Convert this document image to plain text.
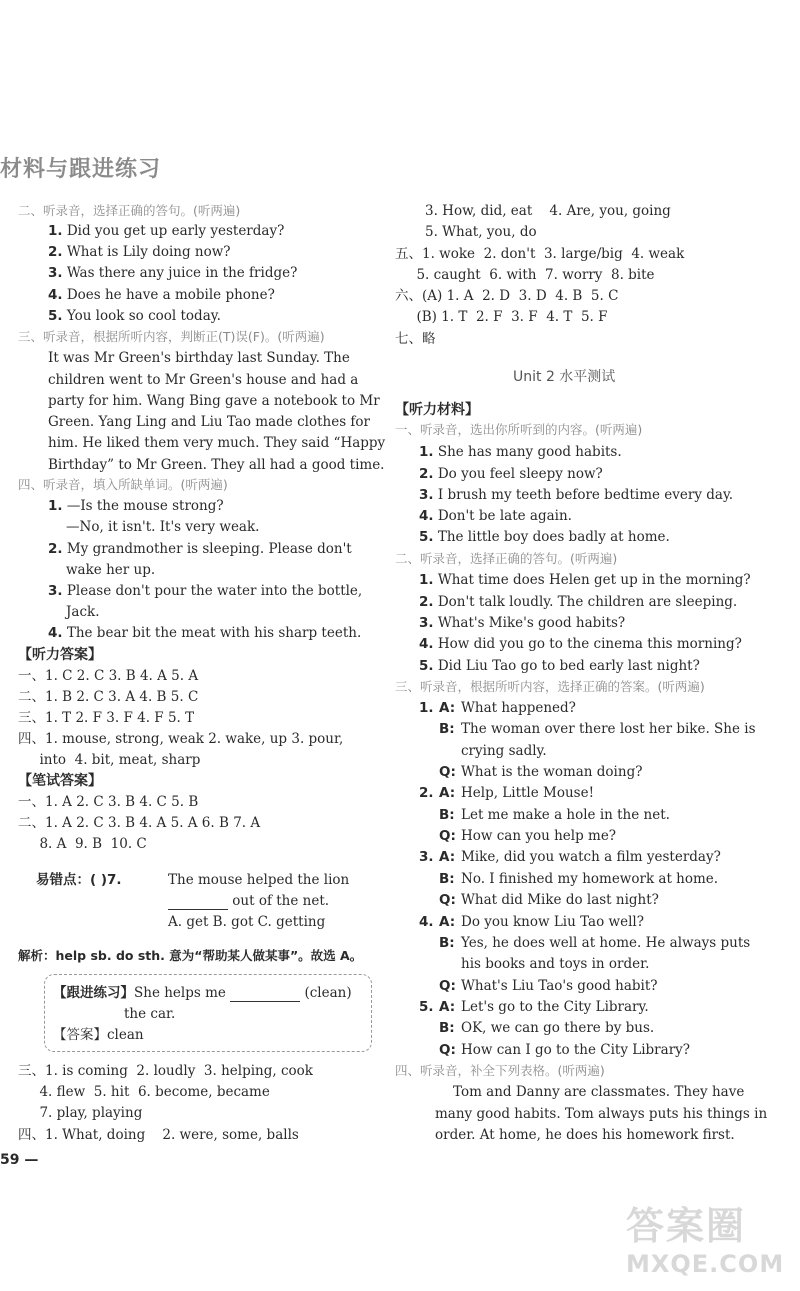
材料与跟进练习
二、听录音，选择正确的答句。(听两遍)
1. Did you get up early yesterday?
2. What is Lily doing now?
3. Was there any juice in the fridge?
4. Does he have a mobile phone?
5. You look so cool today.
三、听录音，根据所听内容，判断正(T)误(F)。(听两遍)
It was Mr Green's birthday last Sunday. The
children went to Mr Green's house and had a
party for him. Wang Bing gave a notebook to Mr
Green. Yang Ling and Liu Tao made clothes for
him. He liked them very much. They said “Happy
Birthday” to Mr Green. They all had a good time.
四、听录音，填入所缺单词。(听两遍)
1. —Is the mouse strong?
—No, it isn't. It's very weak.
2. My grandmother is sleeping. Please don't
wake her up.
3. Please don't pour the water into the bottle,
Jack.
4. The bear bit the meat with his sharp teeth.
【听力答案】
一、1. C 2. C 3. B 4. A 5. A
二、1. B 2. C 3. A 4. B 5. C
三、1. T 2. F 3. F 4. F 5. T
四、1. mouse, strong, weak 2. wake, up 3. pour,
into  4. bit, meat, sharp
【笔试答案】
一、1. A 2. C 3. B 4. C 5. B
二、1. A 2. C 3. B 4. A 5. A 6. B 7. A
8. A  9. B  10. C
易错点：( )7.	The mouse helped the lion
out of the net.
A. get B. got C. getting
解析：help sb. do sth. 意为“帮助某人做某事”。故选 A。
【跟进练习】She helps me	(clean)
the car.
【答案】clean
三、1. is coming  2. loudly  3. helping, cook
4. flew  5. hit  6. become, became
7. play, playing
四、1. What, doing    2. were, some, balls
59 —
3. How, did, eat    4. Are, you, going
5. What, you, do
五、1. woke  2. don't  3. large/big  4. weak
5. caught  6. with  7. worry  8. bite
六、(A) 1. A  2. D  3. D  4. B  5. C
(B) 1. T  2. F  3. F  4. T  5. F
七、略
Unit 2 水平测试
【听力材料】
一、听录音，选出你所听到的内容。(听两遍)
1. She has many good habits.
2. Do you feel sleepy now?
3. I brush my teeth before bedtime every day.
4. Don't be late again.
5. The little boy does badly at home.
二、听录音，选择正确的答句。(听两遍)
1. What time does Helen get up in the morning?
2. Don't talk loudly. The children are sleeping.
3. What's Mike's good habits?
4. How did you go to the cinema this morning?
5. Did Liu Tao go to bed early last night?
三、听录音，根据所听内容，选择正确的答案。(听两遍)
1. A: What happened?
B: The woman over there lost her bike. She is
crying sadly.
Q: What is the woman doing?
2. A: Help, Little Mouse!
B: Let me make a hole in the net.
Q: How can you help me?
3. A: Mike, did you watch a film yesterday?
B: No. I finished my homework at home.
Q: What did Mike do last night?
4. A: Do you know Liu Tao well?
B: Yes, he does well at home. He always puts
his books and toys in order.
Q: What's Liu Tao's good habit?
5. A: Let's go to the City Library.
B: OK, we can go there by bus.
Q: How can I go to the City Library?
四、听录音，补全下列表格。(听两遍)
Tom and Danny are classmates. They have
many good habits. Tom always puts his things in
order. At home, he does his homework first.
答案圈
MXQE.COM
